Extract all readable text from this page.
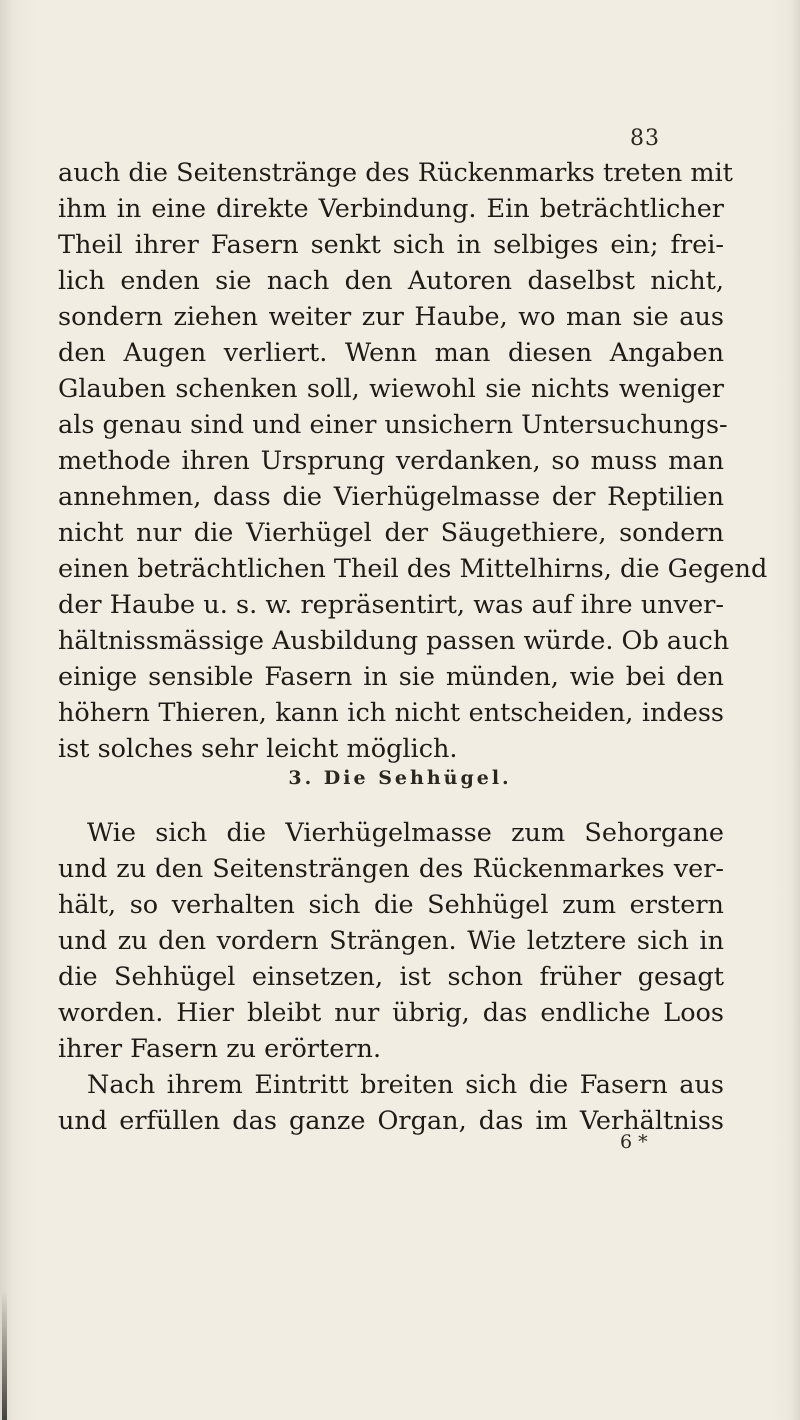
83
auch die Seitenstränge des Rückenmarks treten mit
ihm in eine direkte Verbindung. Ein beträchtlicher
Theil ihrer Fasern senkt sich in selbiges ein; frei-
lich enden sie nach den Autoren daselbst nicht,
sondern ziehen weiter zur Haube, wo man sie aus
den Augen verliert. Wenn man diesen Angaben
Glauben schenken soll, wiewohl sie nichts weniger
als genau sind und einer unsichern Untersuchungs-
methode ihren Ursprung verdanken, so muss man
annehmen, dass die Vierhügelmasse der Reptilien
nicht nur die Vierhügel der Säugethiere, sondern
einen beträchtlichen Theil des Mittelhirns, die Gegend
der Haube u. s. w. repräsentirt, was auf ihre unver-
hältnissmässige Ausbildung passen würde. Ob auch
einige sensible Fasern in sie münden, wie bei den
höhern Thieren, kann ich nicht entscheiden, indess
ist solches sehr leicht möglich.
3. Die Sehhügel.
Wie sich die Vierhügelmasse zum Sehorgane
und zu den Seitensträngen des Rückenmarkes ver-
hält, so verhalten sich die Sehhügel zum erstern
und zu den vordern Strängen. Wie letztere sich in
die Sehhügel einsetzen, ist schon früher gesagt
worden. Hier bleibt nur übrig, das endliche Loos
ihrer Fasern zu erörtern.
Nach ihrem Eintritt breiten sich die Fasern aus
und erfüllen das ganze Organ, das im Verhältniss
6 *
